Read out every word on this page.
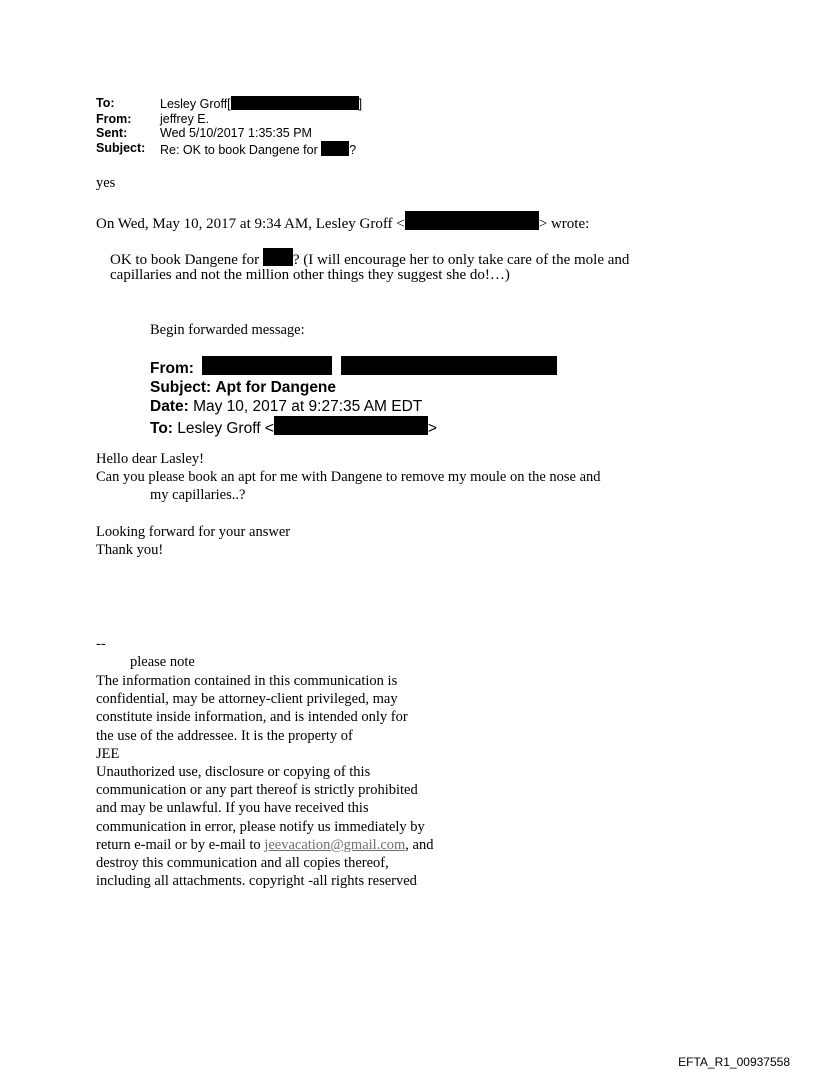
To:	Lesley Groff[	]
From:	jeffrey E.
Sent:	Wed 5/10/2017 1:35:35 PM
Subject:	Re: OK to book Dangene for	?
yes
On Wed, May 10, 2017 at 9:34 AM, Lesley Groff <	> wrote:
OK to book Dangene for ? (I will encourage her to only take care of the mole and
capillaries and not the million other things they suggest she do!…)
Begin forwarded message:
From:
Subject: Apt for Dangene
Date: May 10, 2017 at 9:27:35 AM EDT
To: Lesley Groff <	>
Hello dear Lasley!
Can you please book an apt for me with Dangene to remove my moule on the nose and
my capillaries..?
Looking forward for your answer
Thank you!
--
please note
The information contained in this communication is
confidential, may be attorney-client privileged, may
constitute inside information, and is intended only for
the use of the addressee. It is the property of
JEE
Unauthorized use, disclosure or copying of this
communication or any part thereof is strictly prohibited
and may be unlawful. If you have received this
communication in error, please notify us immediately by
return e-mail or by e-mail to jeevacation@gmail.com, and
destroy this communication and all copies thereof,
including all attachments. copyright -all rights reserved
EFTA_R1_00937558
